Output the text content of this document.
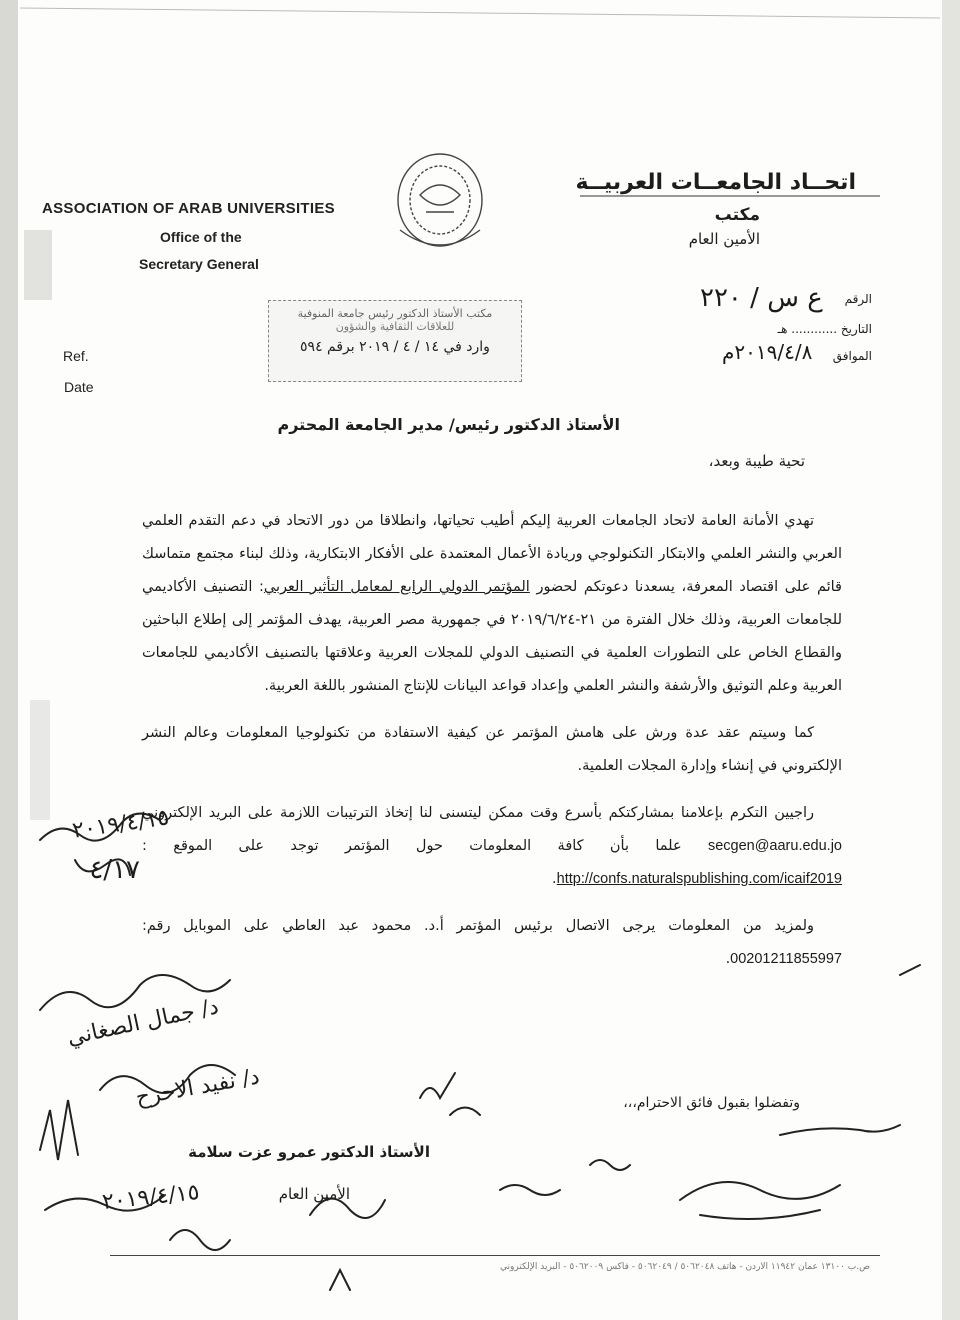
ASSOCIATION OF ARAB UNIVERSITIES
Office of the
Secretary General
Ref.
Date
اتحــاد الجامعــات العربيــة
مكتب
الأمين العام
الرقم
التاريخ ............ هـ
الموافق
ع س / ٢٢٠
٢٠١٩/٤/٨م
مكتب الأستاذ الدكتور رئيس جامعة المنوفية
للعلاقات الثقافية والشؤون
وارد في ١٤ / ٤ / ٢٠١٩ برقم ٥٩٤
الأستاذ الدكتور رئيس/ مدير الجامعة المحترم
تحية طيبة وبعد،

تهدي الأمانة العامة لاتحاد الجامعات العربية إليكم أطيب تحياتها، وانطلاقا من دور الاتحاد في دعم التقدم العلمي العربي والنشر العلمي والابتكار التكنولوجي وريادة الأعمال المعتمدة على الأفكار الابتكارية، وذلك لبناء مجتمع متماسك قائم على اقتصاد المعرفة، يسعدنا دعوتكم لحضور المؤتمر الدولي الرابع لمعامل التأثير العربي: التصنيف الأكاديمي للجامعات العربية، وذلك خلال الفترة من ٢١-٢٠١٩/٦/٢٤ في جمهورية مصر العربية، يهدف المؤتمر إلى إطلاع الباحثين والقطاع الخاص على التطورات العلمية في التصنيف الدولي للمجلات العربية وعلاقتها بالتصنيف الأكاديمي للجامعات العربية وعلم التوثيق والأرشفة والنشر العلمي وإعداد قواعد البيانات للإنتاج المنشور باللغة العربية.

كما وسيتم عقد عدة ورش على هامش المؤتمر عن كيفية الاستفادة من تكنولوجيا المعلومات وعالم النشر الإلكتروني في إنشاء وإدارة المجلات العلمية.

راجيين التكرم بإعلامنا بمشاركتكم بأسرع وقت ممكن ليتسنى لنا إتخاذ الترتيبات اللازمة على البريد الإلكتروني secgen@aaru.edu.jo علما بأن كافة المعلومات حول المؤتمر توجد على الموقع : http://confs.naturalspublishing.com/icaif2019.

ولمزيد من المعلومات يرجى الاتصال برئيس المؤتمر أ.د. محمود عبد العاطي على الموبايل رقم: 00201211855997.

وتفضلوا بقبول فائق الاحترام،،،
الأستاذ الدكتور عمرو عزت سلامة
الأمين العام
٢٠١٩/٤/١٥
٤/١٧
د/ جمال الصغاني
د/ نفيد الاحرح
٢٠١٩/٤/١٥
ص.ب ١٣١٠٠ عمان ١١٩٤٢ الأردن - هاتف ٥٠٦٢٠٤٨ / ٥٠٦٢٠٤٩ - فاكس ٥٠٦٢٠٠٩ - البريد الإلكتروني
